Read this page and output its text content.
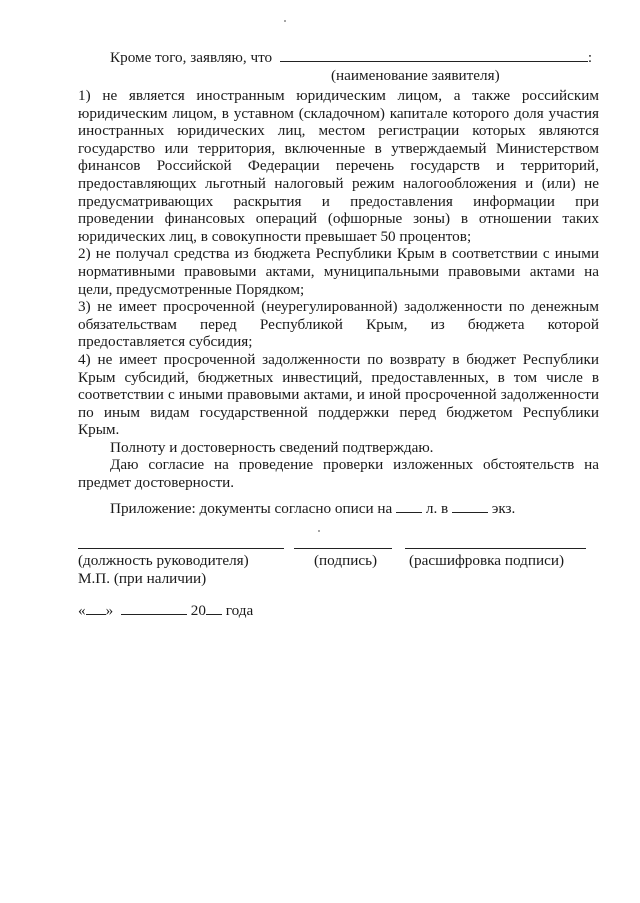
Кроме того, заявляю, что	:
(наименование заявителя)
1) не является иностранным юридическим лицом, а также российским
юридическим лицом, в уставном (складочном) капитале которого доля участия
иностранных юридических лиц, местом регистрации которых являются
государство или территория, включенные в утверждаемый Министерством
финансов Российской Федерации перечень государств и территорий,
предоставляющих льготный налоговый режим налогообложения и (или) не
предусматривающих раскрытия и предоставления информации при
проведении финансовых операций (офшорные зоны) в отношении таких
юридических лиц, в совокупности превышает 50 процентов;
2) не получал средства из бюджета Республики Крым в соответствии с иными
нормативными правовыми актами, муниципальными правовыми актами на
цели, предусмотренные Порядком;
3) не имеет просроченной (неурегулированной) задолженности по денежным
обязательствам перед Республикой Крым, из бюджета которой
предоставляется субсидия;
4) не имеет просроченной задолженности по возврату в бюджет Республики
Крым субсидий, бюджетных инвестиций, предоставленных, в том числе в
соответствии с иными правовыми актами, и иной просроченной задолженности
по иным видам государственной поддержки перед бюджетом Республики
Крым.
Полноту и достоверность сведений подтверждаю.
Даю согласие на проведение проверки изложенных обстоятельств на
предмет достоверности.
Приложение: документы согласно описи на л. в	экз.
(должность руководителя)	(подпись) (расшифровка подписи)
М.П. (при наличии)
« »	20 года
